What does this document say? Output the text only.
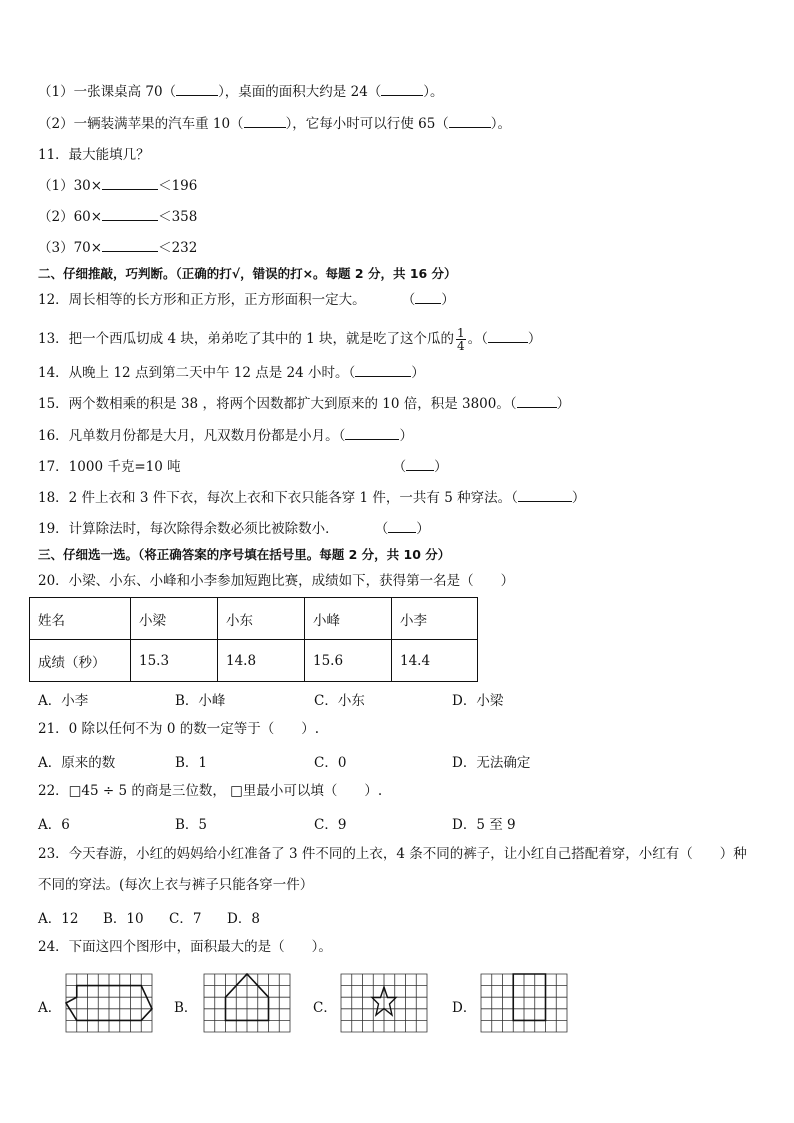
（1）一张课桌高 70（	），桌面的面积大约是 24（	）。
（2）一辆装满苹果的汽车重 10（	），它每小时可以行使 65（	）。
11．最大能填几？
（1）30×	＜196
（2）60×	＜358
（3）70×	＜232
二、仔细推敲，巧判断。（正确的打√，错误的打×。每题 2 分，共 16 分）
12．周长相等的长方形和正方形，正方形面积一定大。	（ ）
13．把一个西瓜切成 4 块，弟弟吃了其中的 1 块，就是吃了这个瓜的 $\frac{1}{4}$ 。（	）
14．从晚上 12 点到第二天中午 12 点是 24 小时。（	）
15．两个数相乘的积是 38 ，将两个因数都扩大到原来的 10 倍，积是 3800。（	）
16．凡单数月份都是大月，凡双数月份都是小月。（	）
17．1000 千克=10 吨	（ ）
18．2 件上衣和 3 件下衣，每次上衣和下衣只能各穿 1 件，一共有 5 种穿法。（	）
19．计算除法时，每次除得余数必须比被除数小．	（ ）
三、仔细选一选。（将正确答案的序号填在括号里。每题 2 分，共 10 分）
20．小梁、小东、小峰和小李参加短跑比赛，成绩如下，获得第一名是（　　）
姓名	小梁	小东	小峰	小李
成绩（秒）	15.3	14.8	15.6	14.4
A．小李	B．小峰	C．小东	D．小梁
21．0 除以任何不为 0 的数一定等于（　　）.
A．原来的数	B．1	C．0	D．无法确定
22．□45 ÷ 5 的商是三位数， □里最小可以填（　　）.
A．6	B．5	C．9	D．5 至 9
23．今天春游，小红的妈妈给小红准备了 3 件不同的上衣，4 条不同的裤子，让小红自己搭配着穿，小红有（　　）种
不同的穿法。(每次上衣与裤子只能各穿一件）
A．12 B．10 C．7 D．8
24．下面这四个图形中，面积最大的是（　　）。
A．	B．	C．	D．
